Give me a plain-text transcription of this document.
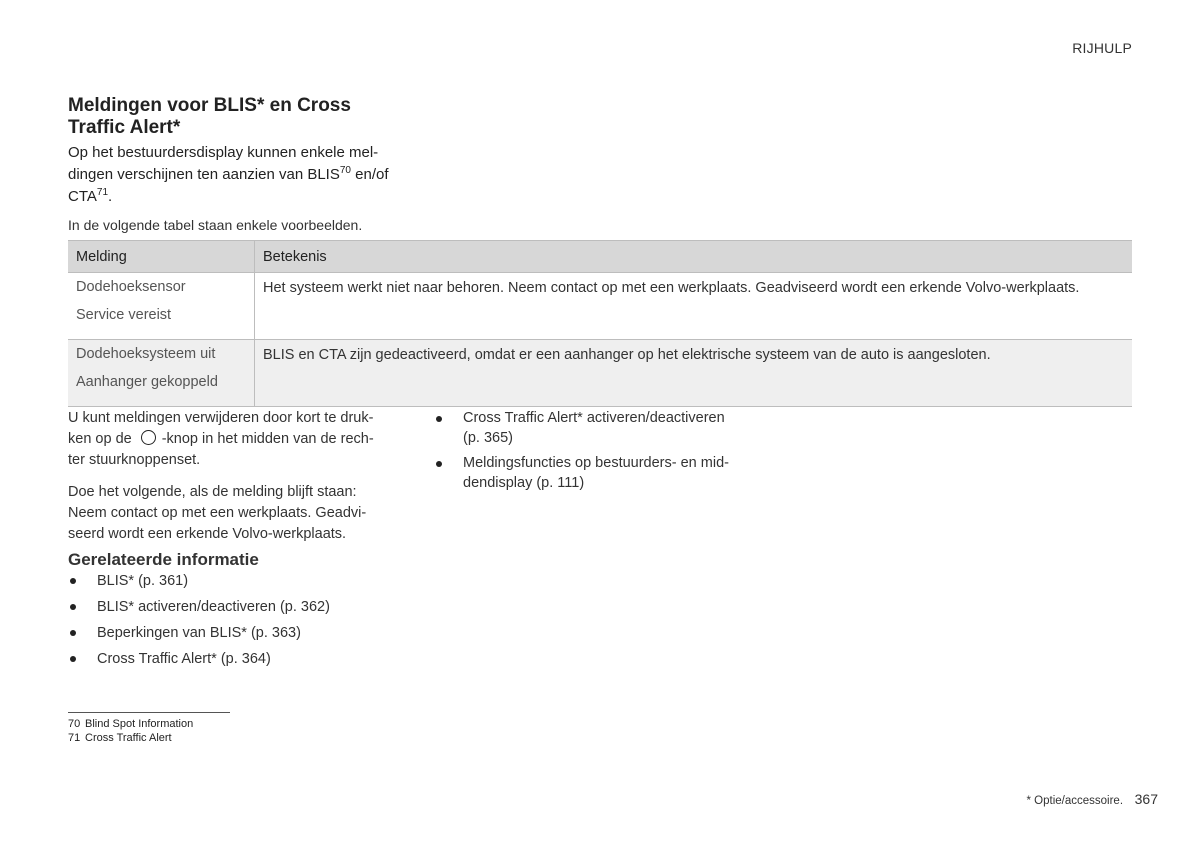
RIJHULP
Meldingen voor BLIS* en Cross
Traffic Alert*
Op het bestuurdersdisplay kunnen enkele mel-
dingen verschijnen ten aanzien van BLIS$^{70}$ en/of
CTA$^{71}$.
In de volgende tabel staan enkele voorbeelden.
Melding	Betekenis

Dodehoeksensor
Service vereist	Het systeem werkt niet naar behoren. Neem contact op met een werkplaats. Geadviseerd wordt een erkende Volvo-werkplaats.

Dodehoeksysteem uit
Aanhanger gekoppeld	BLIS en CTA zijn gedeactiveerd, omdat er een aanhanger op het elektrische systeem van de auto is aangesloten.

U kunt meldingen verwijderen door kort te druk-
ken op de -knop in het midden van de rech-
ter stuurknoppenset.

Doe het volgende, als de melding blijft staan:
Neem contact op met een werkplaats. Geadvi-
seerd wordt een erkende Volvo-werkplaats.

Gerelateerde informatie
BLIS* (p. 361)
BLIS* activeren/deactiveren (p. 362)
Beperkingen van BLIS* (p. 363)
Cross Traffic Alert* (p. 364)
Cross Traffic Alert* activeren/deactiveren
(p. 365)
Meldingsfuncties op bestuurders- en mid-
dendisplay (p. 111)
70 Blind Spot Information
71 Cross Traffic Alert
* Optie/accessoire. 367
